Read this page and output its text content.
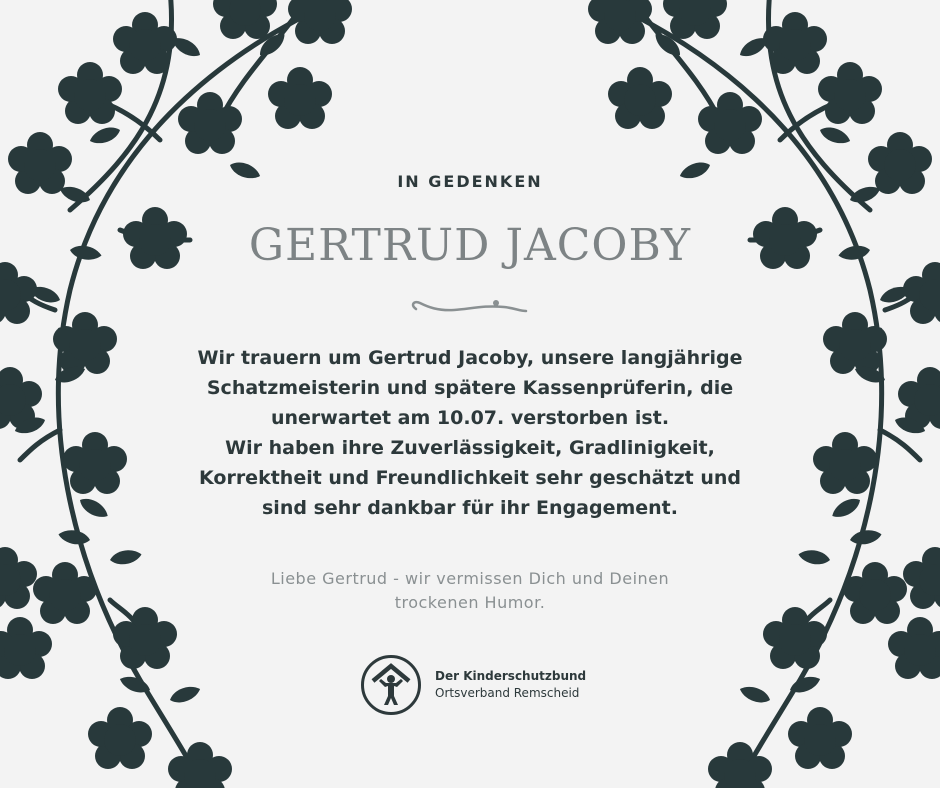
IN GEDENKEN
GERTRUD JACOBY
Wir trauern um Gertrud Jacoby, unsere langjährige
Schatzmeisterin und spätere Kassenprüferin, die
unerwartet am 10.07. verstorben ist.
Wir haben ihre Zuverlässigkeit, Gradlinigkeit,
Korrektheit und Freundlichkeit sehr geschätzt und
sind sehr dankbar für ihr Engagement.
Liebe Gertrud - wir vermissen Dich und Deinen
trockenen Humor.
Der Kinderschutzbund
Ortsverband Remscheid
